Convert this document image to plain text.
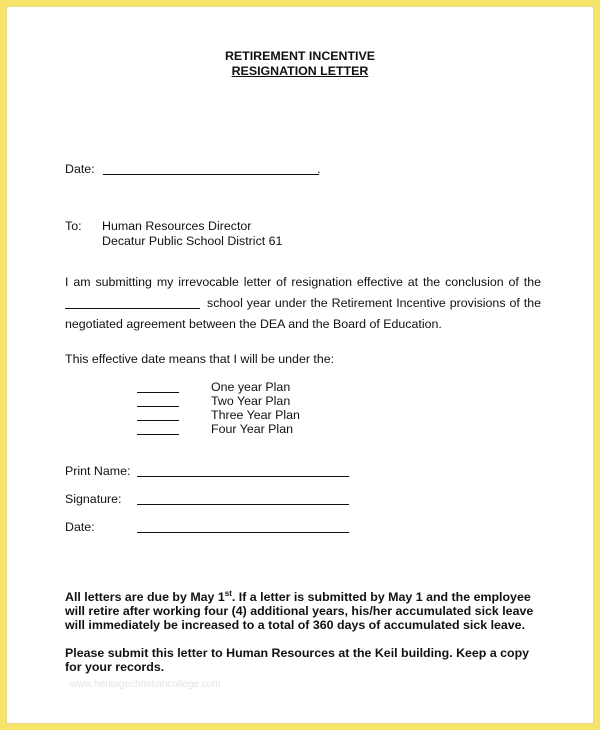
RETIREMENT INCENTIVE
RESIGNATION LETTER
Date:	.
To: Human Resources Director
Decatur Public School District 61
I am submitting my irrevocable letter of resignation effective at the conclusion of the
school year under the Retirement Incentive provisions of the
negotiated agreement between the DEA and the Board of Education.
This effective date means that I will be under the:
One year Plan
Two Year Plan
Three Year Plan
Four Year Plan
Print Name:
Signature:
Date:
All letters are due by May 1st. If a letter is submitted by May 1 and the employee
will retire after working four (4) additional years, his/her accumulated sick leave
will immediately be increased to a total of 360 days of accumulated sick leave.
Please submit this letter to Human Resources at the Keil building. Keep a copy
for your records.
www.heritagechristiancollege.com
